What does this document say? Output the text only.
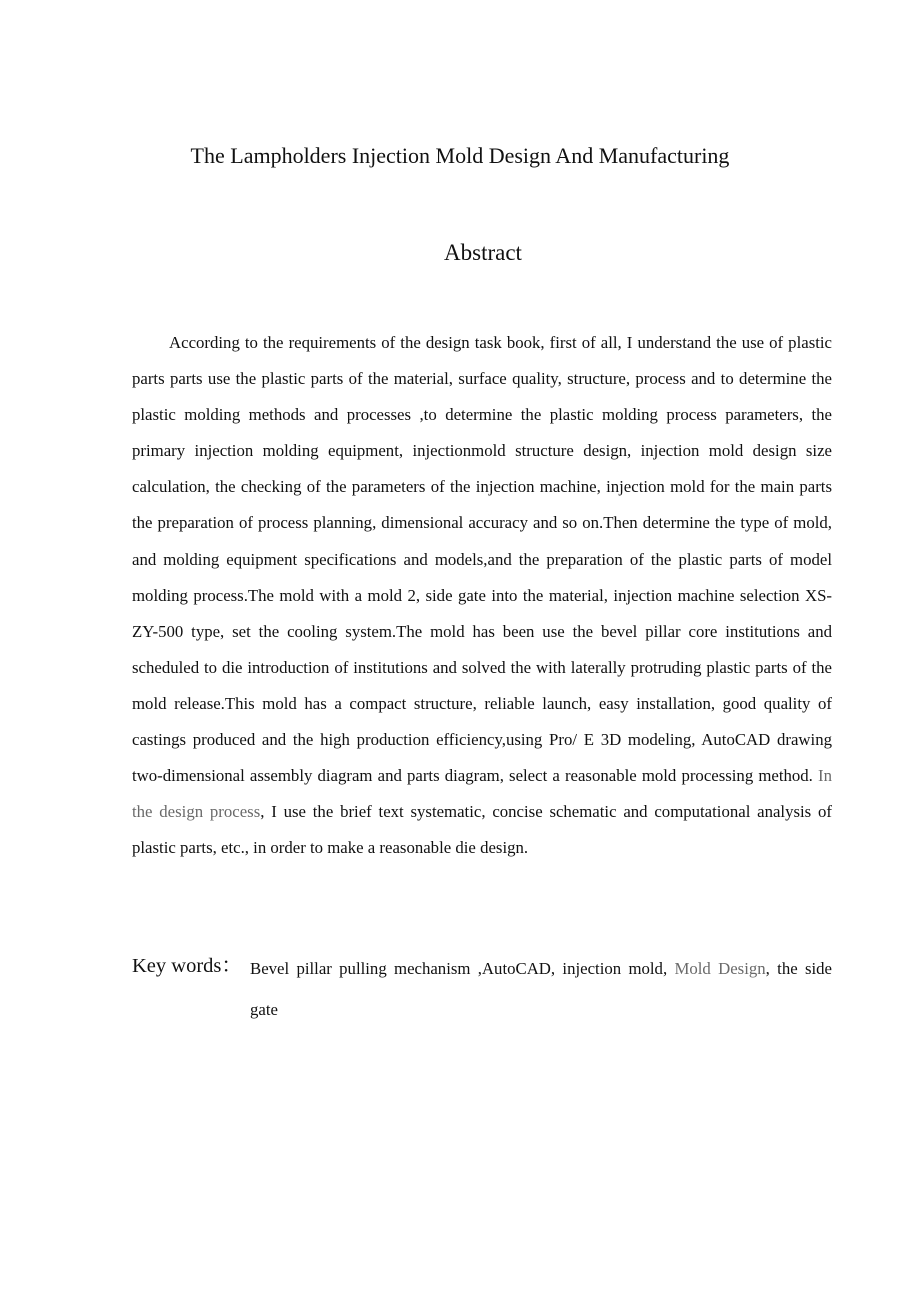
The Lampholders Injection Mold Design And Manufacturing
Abstract

According to the requirements of the design task book, first of all, I understand the use of plastic parts parts use the plastic parts of the material, surface quality, structure, process and to determine the plastic molding methods and processes ,to determine the plastic molding process parameters, the primary injection molding equipment, injectionmold structure design, injection mold design size calculation, the checking of the parameters of the injection machine, injection mold for the main parts the preparation of process planning, dimensional accuracy and so on.Then determine the type of mold, and molding equipment specifications and models,and the preparation of the plastic parts of model molding process.The mold with a mold 2, side gate into the material, injection machine selection XS-ZY-500 type, set the cooling system.The mold has been use the bevel pillar core institutions and scheduled to die introduction of institutions and solved the with laterally protruding plastic parts of the mold release.This mold has a compact structure, reliable launch, easy installation, good quality of castings produced and the high production efficiency,using Pro/ E 3D modeling, AutoCAD drawing two-dimensional assembly diagram and parts diagram, select a reasonable mold processing method. In the design process, I use the brief text systematic, concise schematic and computational analysis of plastic parts, etc., in order to make a reasonable die design.

Key words： Bevel pillar pulling mechanism ,AutoCAD, injection mold, Mold Design, the side gate
